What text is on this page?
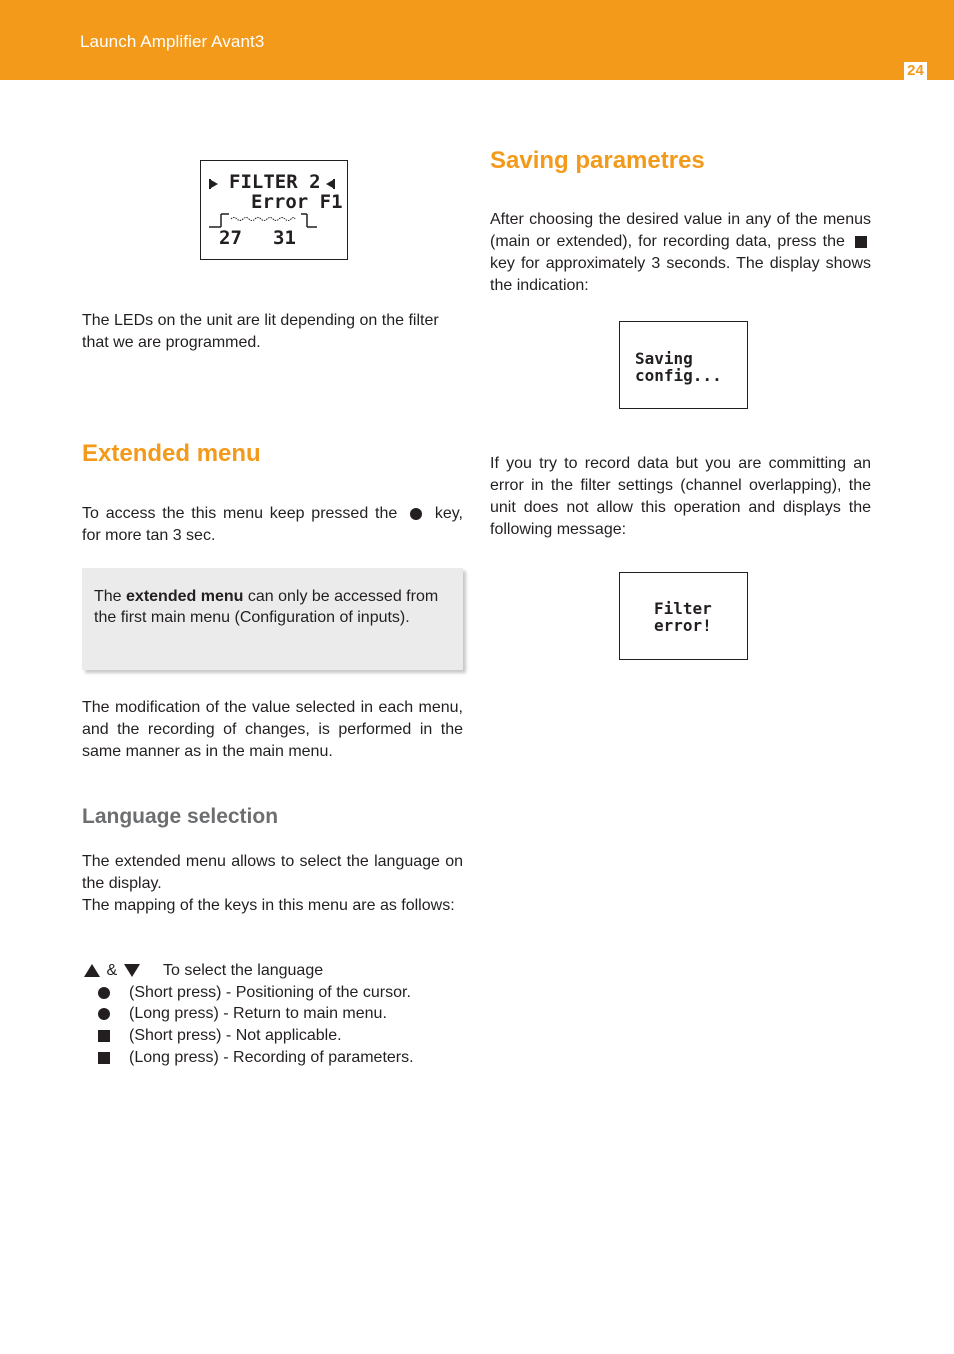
Launch Amplifier Avant3
24
FILTER 2
Error F1
27 31

The LEDs on the unit are lit depending on the filter that we are programmed.

Extended menu

To access the this menu keep pressed the key, for more tan 3 sec.

The extended menu can only be accessed from the first main menu (Configuration of inputs).

The modification of the value selected in each menu, and the recording of changes, is performed in the same manner as in the main menu.

Language selection

The extended menu allows to select the language on the display.

The mapping of the keys in this menu are as follows:

&	To select the language
(Short press) - Positioning of the cursor.
(Long press) - Return to main menu.
(Short press) - Not applicable.
(Long press) - Recording of parameters.
Saving parametres

After choosing the desired value in any of the menus (main or extended), for recording data, press the  key for approximately 3 seconds. The display shows the indication:

Saving
config...

If you try to record data but you are committing an error in the filter settings (channel overlapping), the unit does not allow this operation and displays the following message:

Filter
error!
